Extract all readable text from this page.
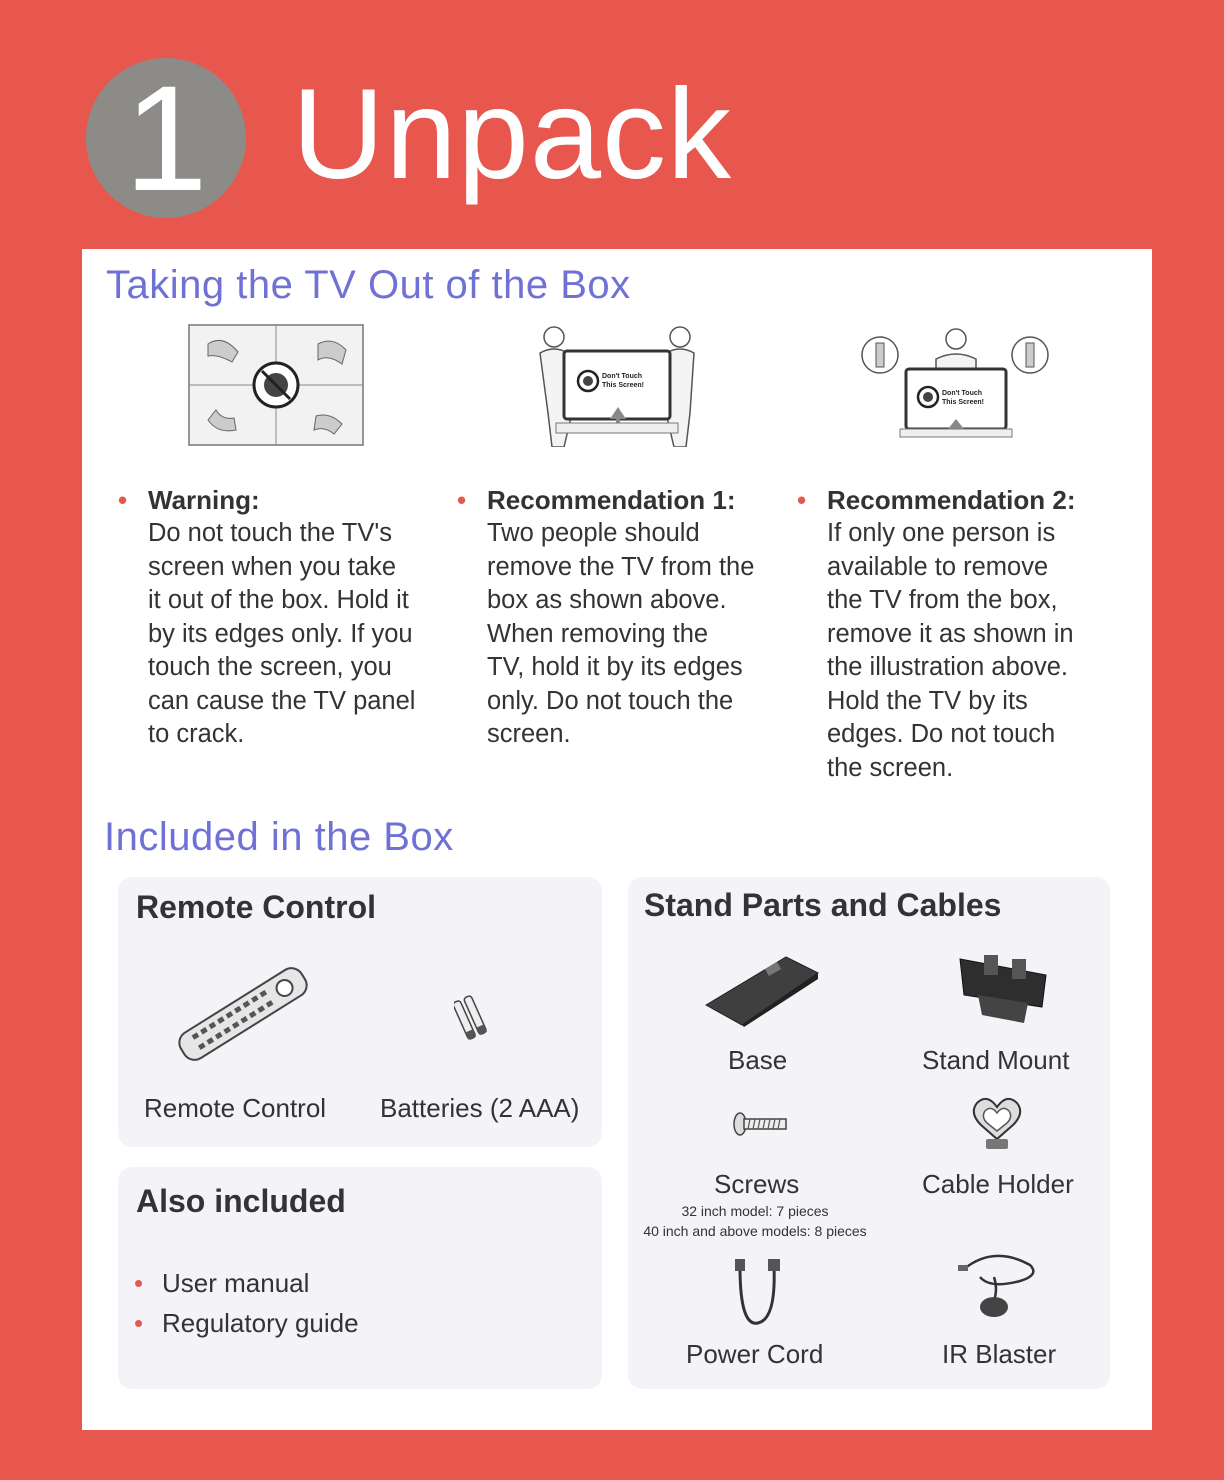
1 Unpack
Taking the TV Out of the Box
Don't Touch
This Screen!
Don't Touch
This Screen!
• Warning:
Do not touch the TV's
screen when you take
it out of the box. Hold it
by its edges only. If you
touch the screen, you
can cause the TV panel
to crack.
• Recommendation 1:
Two people should
remove the TV from the
box as shown above.
When removing the
TV, hold it by its edges
only. Do not touch the
screen.
• Recommendation 2:
If only one person is
available to remove
the TV from the box,
remove it as shown in
the illustration above.
Hold the TV by its
edges. Do not touch
the screen.
Included in the Box
Remote Control
Remote Control Batteries (2 AAA)
Also included
• User manual
• Regulatory guide
Stand Parts and Cables
Base	Stand Mount
Screws	Cable Holder
32 inch model: 7 pieces
40 inch and above models: 8 pieces
Power Cord	IR Blaster
